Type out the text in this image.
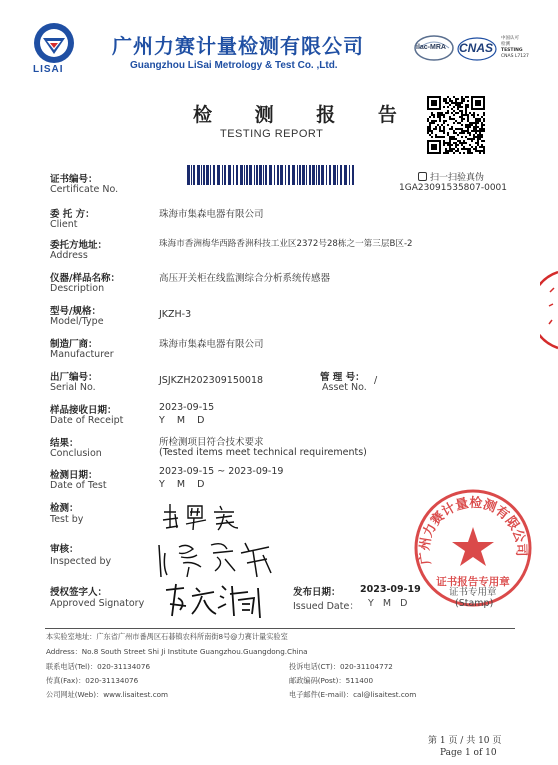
LISAI
广州力赛计量检测有限公司
Guangzhou LiSai Metrology & Test Co. ,Ltd.
ilac-MRA CNAS
中国认可
检测
TESTING
CNAS L7127
检 测 报 告
TESTING REPORT
扫一扫验真伪
1GA23091535807-0001
证书编号：
Certificate No.
委 托 方：
Client
珠海市集森电器有限公司
委托方地址：
Address
珠海市香洲梅华西路香洲科技工业区2372号28栋之一第三层B区-2
仪器/样品名称：
Description
高压开关柜在线监测综合分析系统传感器
型号/规格：
Model/Type
JKZH-3
制造厂商：
Manufacturer
珠海市集森电器有限公司
出厂编号：
Serial No.
JSJKZH202309150018	管 理 号：
Asset No.
/
样品接收日期：
Date of Receipt
2023-09-15
Y    M    D
结果：
Conclusion
所检测项目符合技术要求
(Tested items meet technical requirements)
检测日期：
Date of Test
2023-09-15 ~ 2023-09-19
Y    M    D
检测：
Test by
审核：
Inspected by
授权签字人：
Approved Signatory
发布日期： 2023-09-19
Issued Date： Y   M   D
广州力赛计量检测有限公司
证书报告专用章
证书专用章
(Stamp)
本实验室地址：广东省广州市番禺区石碁镇农科所南街8号@力赛计量实验室
Address：No.8 South Street Shi Ji Institute Guangzhou.Guangdong.China
联系电话(Tel)：020-31134076	投诉电话(CT)：020-31104772
传真(Fax)：020-31134076	邮政编码(Post)：511400
公司网址(Web)：www.lisaitest.com	电子邮件(E-mail)：cal@lisaitest.com
第 1 页 / 共 10 页
Page 1 of 10
